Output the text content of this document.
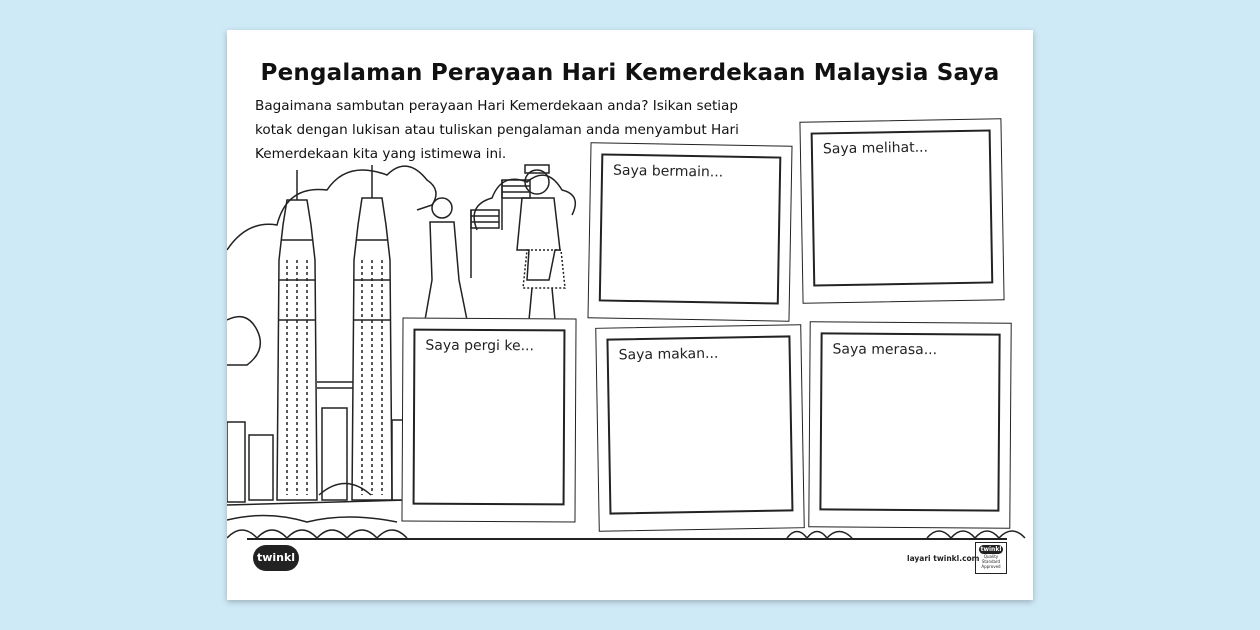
Pengalaman Perayaan Hari Kemerdekaan Malaysia Saya
Bagaimana sambutan perayaan Hari Kemerdekaan anda? Isikan setiap
kotak dengan lukisan atau tuliskan pengalaman anda menyambut Hari
Kemerdekaan kita yang istimewa ini.
Saya bermain...
Saya melihat...
Saya pergi ke...	Saya makan...	Saya merasa...
twinkl	layari twinkl.com
twinkl
Quality Standard
Approved
